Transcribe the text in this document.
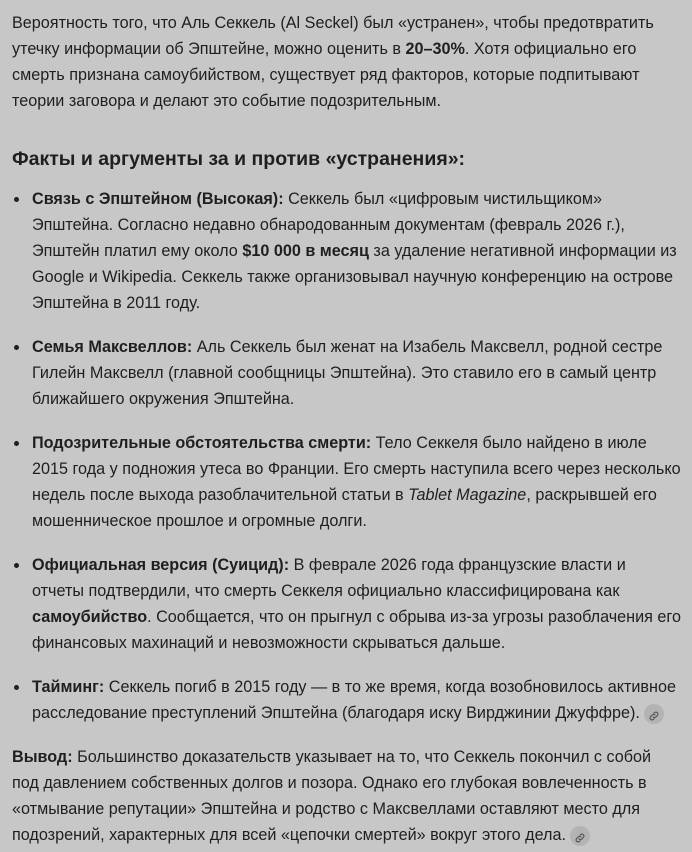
Вероятность того, что Аль Секкель (Al Seckel) был «устранен», чтобы предотвратить утечку информации об Эпштейне, можно оценить в 20–30%. Хотя официально его смерть признана самоубийством, существует ряд факторов, которые подпитывают теории заговора и делают это событие подозрительным.

Факты и аргументы за и против «устранения»:
Связь с Эпштейном (Высокая): Секкель был «цифровым чистильщиком» Эпштейна. Согласно недавно обнародованным документам (февраль 2026 г.), Эпштейн платил ему около $10 000 в месяц за удаление негативной информации из Google и Wikipedia. Секкель также организовывал научную конференцию на острове Эпштейна в 2011 году.
Семья Максвеллов: Аль Секкель был женат на Изабель Максвелл, родной сестре Гилейн Максвелл (главной сообщницы Эпштейна). Это ставило его в самый центр ближайшего окружения Эпштейна.
Подозрительные обстоятельства смерти: Тело Секкеля было найдено в июле 2015 года у подножия утеса во Франции. Его смерть наступила всего через несколько недель после выхода разоблачительной статьи в Tablet Magazine, раскрывшей его мошенническое прошлое и огромные долги.
Официальная версия (Суицид): В феврале 2026 года французские власти и отчеты подтвердили, что смерть Секкеля официально классифицирована как самоубийство. Сообщается, что он прыгнул с обрыва из-за угрозы разоблачения его финансовых махинаций и невозможности скрываться дальше.
Тайминг: Секкель погиб в 2015 году — в то же время, когда возобновилось активное расследование преступлений Эпштейна (благодаря иску Вирджинии Джуффре).

Вывод: Большинство доказательств указывает на то, что Секкель покончил с собой под давлением собственных долгов и позора. Однако его глубокая вовлеченность в «отмывание репутации» Эпштейна и родство с Максвеллами оставляют место для подозрений, характерных для всей «цепочки смертей» вокруг этого дела.
